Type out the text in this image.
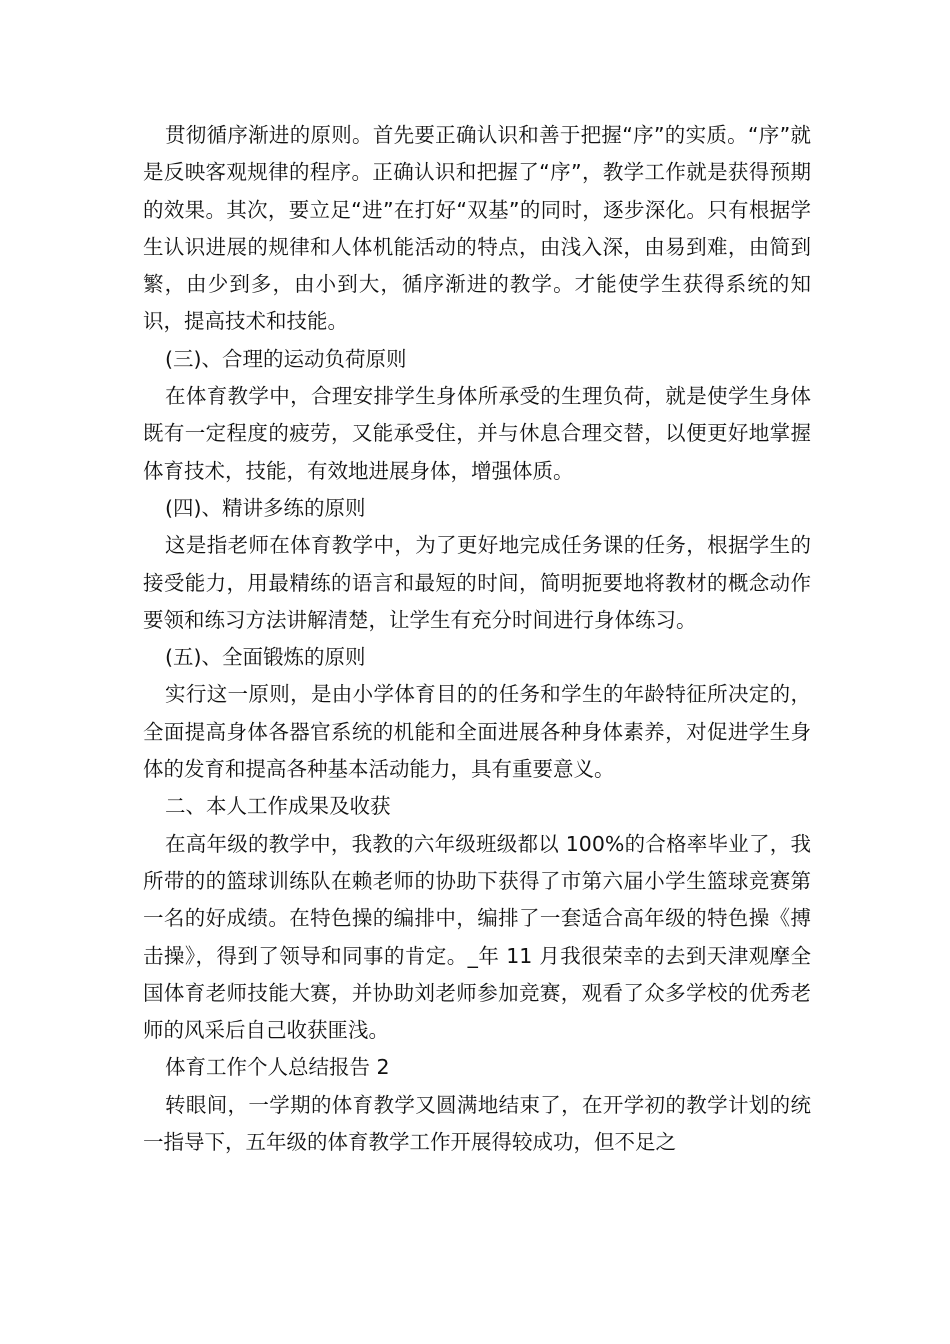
贯彻循序渐进的原则。首先要正确认识和善于把握“序”的实质。“序”就是反映客观规律的程序。正确认识和把握了“序”，教学工作就是获得预期的效果。其次，要立足“进”在打好“双基”的同时，逐步深化。只有根据学生认识进展的规律和人体机能活动的特点，由浅入深，由易到难，由简到繁，由少到多，由小到大，循序渐进的教学。才能使学生获得系统的知识，提高技术和技能。

(三)、合理的运动负荷原则

在体育教学中，合理安排学生身体所承受的生理负荷，就是使学生身体既有一定程度的疲劳，又能承受住，并与休息合理交替，以便更好地掌握体育技术，技能，有效地进展身体，增强体质。

(四)、精讲多练的原则

这是指老师在体育教学中，为了更好地完成任务课的任务，根据学生的接受能力，用最精练的语言和最短的时间，简明扼要地将教材的概念动作要领和练习方法讲解清楚，让学生有充分时间进行身体练习。

(五)、全面锻炼的原则

实行这一原则，是由小学体育目的的任务和学生的年龄特征所决定的，全面提高身体各器官系统的机能和全面进展各种身体素养，对促进学生身体的发育和提高各种基本活动能力，具有重要意义。

二、本人工作成果及收获

在高年级的教学中，我教的六年级班级都以 100%的合格率毕业了，我所带的的篮球训练队在赖老师的协助下获得了市第六届小学生篮球竞赛第一名的好成绩。在特色操的编排中，编排了一套适合高年级的特色操《搏击操》，得到了领导和同事的肯定。_年 11 月我很荣幸的去到天津观摩全国体育老师技能大赛，并协助刘老师参加竞赛，观看了众多学校的优秀老师的风采后自己收获匪浅。

体育工作个人总结报告 2

转眼间，一学期的体育教学又圆满地结束了，在开学初的教学计划的统一指导下，五年级的体育教学工作开展得较成功，但不足之
